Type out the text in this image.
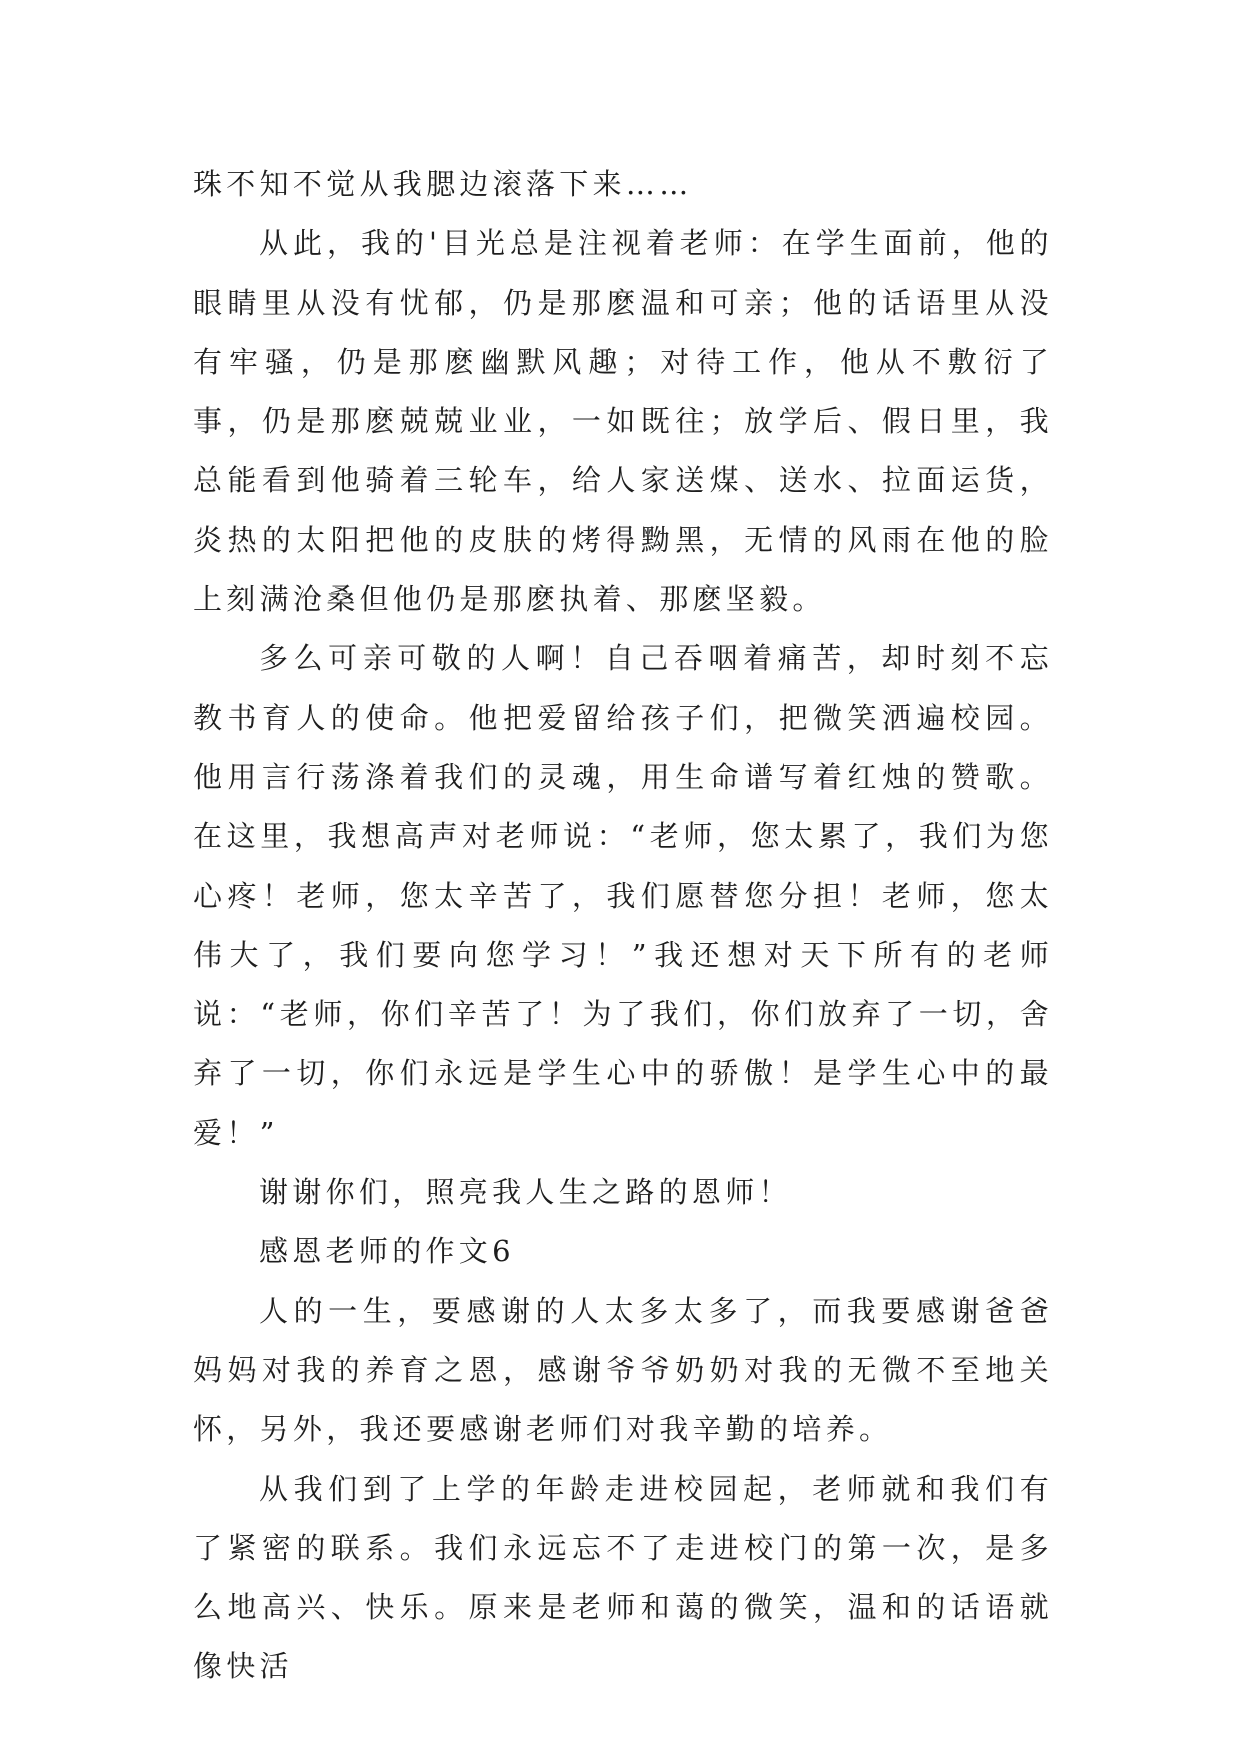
珠不知不觉从我腮边滚落下来……

从此，我的'目光总是注视着老师：在学生面前，他的眼睛里从没有忧郁，仍是那麽温和可亲；他的话语里从没有牢骚，仍是那麽幽默风趣；对待工作，他从不敷衍了事，仍是那麽兢兢业业，一如既往；放学后、假日里，我总能看到他骑着三轮车，给人家送煤、送水、拉面运货，炎热的太阳把他的皮肤的烤得黝黑，无情的风雨在他的脸上刻满沧桑但他仍是那麽执着、那麽坚毅。

多么可亲可敬的人啊！自己吞咽着痛苦，却时刻不忘教书育人的使命。他把爱留给孩子们，把微笑洒遍校园。他用言行荡涤着我们的灵魂，用生命谱写着红烛的赞歌。在这里，我想高声对老师说：“老师，您太累了，我们为您心疼！老师，您太辛苦了，我们愿替您分担！老师，您太伟大了，我们要向您学习！”我还想对天下所有的老师说：“老师，你们辛苦了！为了我们，你们放弃了一切，舍弃了一切，你们永远是学生心中的骄傲！是学生心中的最爱！”

谢谢你们，照亮我人生之路的恩师！

感恩老师的作文6

人的一生，要感谢的人太多太多了，而我要感谢爸爸妈妈对我的养育之恩，感谢爷爷奶奶对我的无微不至地关怀，另外，我还要感谢老师们对我辛勤的培养。

从我们到了上学的年龄走进校园起，老师就和我们有了紧密的联系。我们永远忘不了走进校门的第一次，是多么地高兴、快乐。原来是老师和蔼的微笑，温和的话语就像快活
